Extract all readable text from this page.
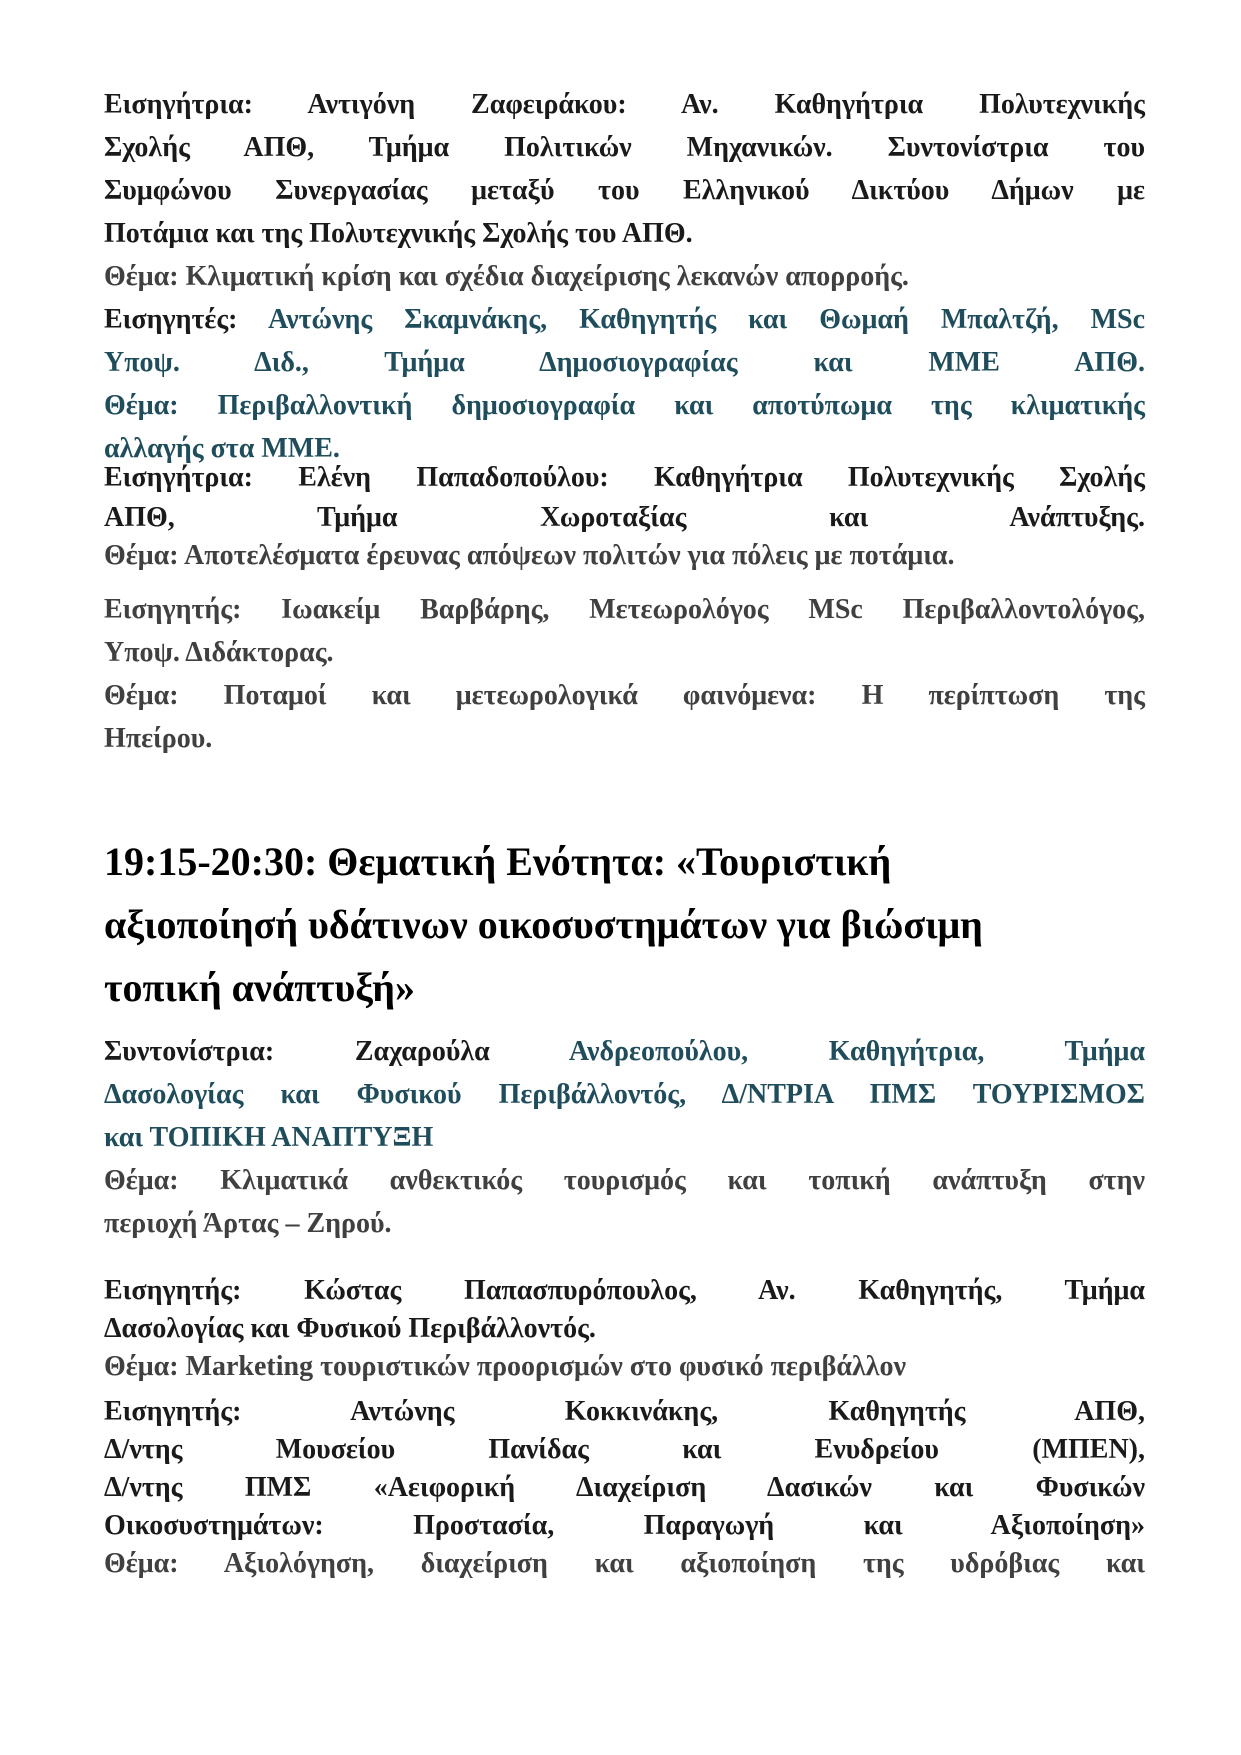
Εισηγήτρια: Αντιγόνη Ζαφειράκου: Αν. Καθηγήτρια Πολυτεχνικής
Σχολής ΑΠΘ, Τμήμα Πολιτικών Μηχανικών. Συντονίστρια του
Συμφώνου Συνεργασίας μεταξύ του Ελληνικού Δικτύου Δήμων με
Ποτάμια και της Πολυτεχνικής Σχολής του ΑΠΘ.
Θέμα: Κλιματική κρίση και σχέδια διαχείρισης λεκανών απορροής.
Εισηγητές: Αντώνης Σκαμνάκης, Καθηγητής και Θωμαή Μπαλτζή, MSc
Υποψ. Διδ., Τμήμα Δημοσιογραφίας και ΜΜΕ ΑΠΘ.
Θέμα: Περιβαλλοντική δημοσιογραφία και αποτύπωμα της κλιματικής
αλλαγής στα ΜΜΕ.
Εισηγήτρια: Ελένη Παπαδοπούλου: Καθηγήτρια Πολυτεχνικής Σχολής
ΑΠΘ, Τμήμα Χωροταξίας και Ανάπτυξης.
Θέμα: Αποτελέσματα έρευνας απόψεων πολιτών για πόλεις με ποτάμια.
Εισηγητής: Ιωακείμ Βαρβάρης, Μετεωρολόγος MSc Περιβαλλοντολόγος,
Υποψ. Διδάκτορας.
Θέμα: Ποταμοί και μετεωρολογικά φαινόμενα: Η περίπτωση της
Ηπείρου.
19:15-20:30: Θεματική Ενότητα: «Τουριστική
αξιοποίησή υδάτινων οικοσυστημάτων για βιώσιμη
τοπική ανάπτυξή»
Συντονίστρια: Ζαχαρούλα Ανδρεοπούλου, Καθηγήτρια, Τμήμα
Δασολογίας και Φυσικού Περιβάλλοντός, Δ/ΝΤΡΙΑ ΠΜΣ ΤΟΥΡΙΣΜΟΣ
και ΤΟΠΙΚΗ ΑΝΑΠΤΥΞΗ
Θέμα: Κλιματικά ανθεκτικός τουρισμός και τοπική ανάπτυξη στην
περιοχή Άρτας – Ζηρού.
Εισηγητής: Κώστας Παπασπυρόπουλος, Αν. Καθηγητής, Τμήμα
Δασολογίας και Φυσικού Περιβάλλοντός.
Θέμα: Marketing τουριστικών προορισμών στο φυσικό περιβάλλον
Εισηγητής: Αντώνης Κοκκινάκης, Καθηγητής ΑΠΘ,
Δ/ντης Μουσείου Πανίδας και Ενυδρείου (ΜΠΕΝ),
Δ/ντης ΠΜΣ «Αειφορική Διαχείριση Δασικών και Φυσικών
Οικοσυστημάτων: Προστασία, Παραγωγή και Αξιοποίηση»
Θέμα: Αξιολόγηση, διαχείριση και αξιοποίηση της υδρόβιας και
